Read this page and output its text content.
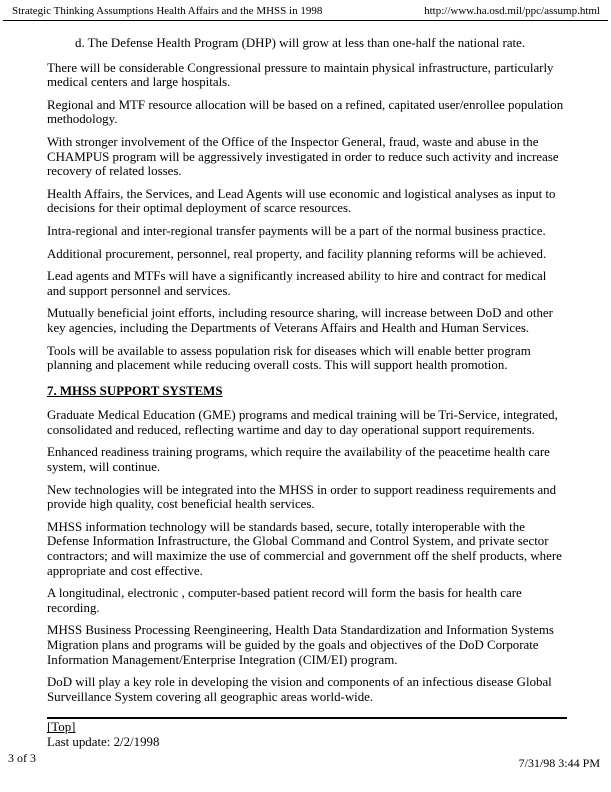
Strategic Thinking Assumptions Health Affairs and the MHSS in 1998	http://www.ha.osd.mil/ppc/assump.html

d. The Defense Health Program (DHP) will grow at less than one-half the national rate.

There will be considerable Congressional pressure to maintain physical infrastructure, particularly medical centers and large hospitals.

Regional and MTF resource allocation will be based on a refined, capitated user/enrollee population methodology.

With stronger involvement of the Office of the Inspector General, fraud, waste and abuse in the CHAMPUS program will be aggressively investigated in order to reduce such activity and increase recovery of related losses.

Health Affairs, the Services, and Lead Agents will use economic and logistical analyses as input to decisions for their optimal deployment of scarce resources.

Intra-regional and inter-regional transfer payments will be a part of the normal business practice.

Additional procurement, personnel, real property, and facility planning reforms will be achieved.

Lead agents and MTFs will have a significantly increased ability to hire and contract for medical and support personnel and services.

Mutually beneficial joint efforts, including resource sharing, will increase between DoD and other key agencies, including the Departments of Veterans Affairs and Health and Human Services.

Tools will be available to assess population risk for diseases which will enable better program planning and placement while reducing overall costs. This will support health promotion.

7. MHSS SUPPORT SYSTEMS

Graduate Medical Education (GME) programs and medical training will be Tri-Service, integrated, consolidated and reduced, reflecting wartime and day to day operational support requirements.

Enhanced readiness training programs, which require the availability of the peacetime health care system, will continue.

New technologies will be integrated into the MHSS in order to support readiness requirements and provide high quality, cost beneficial health services.

MHSS information technology will be standards based, secure, totally interoperable with the Defense Information Infrastructure, the Global Command and Control System, and private sector contractors; and will maximize the use of commercial and government off the shelf products, where appropriate and cost effective.

A longitudinal, electronic , computer-based patient record will form the basis for health care recording.

MHSS Business Processing Reengineering, Health Data Standardization and Information Systems Migration plans and programs will be guided by the goals and objectives of the DoD Corporate Information Management/Enterprise Integration (CIM/EI) program.

DoD will play a key role in developing the vision and components of an infectious disease Global Surveillance System covering all geographic areas world-wide.

[Top]
Last update: 2/2/1998
3 of 3	7/31/98 3:44 PM
